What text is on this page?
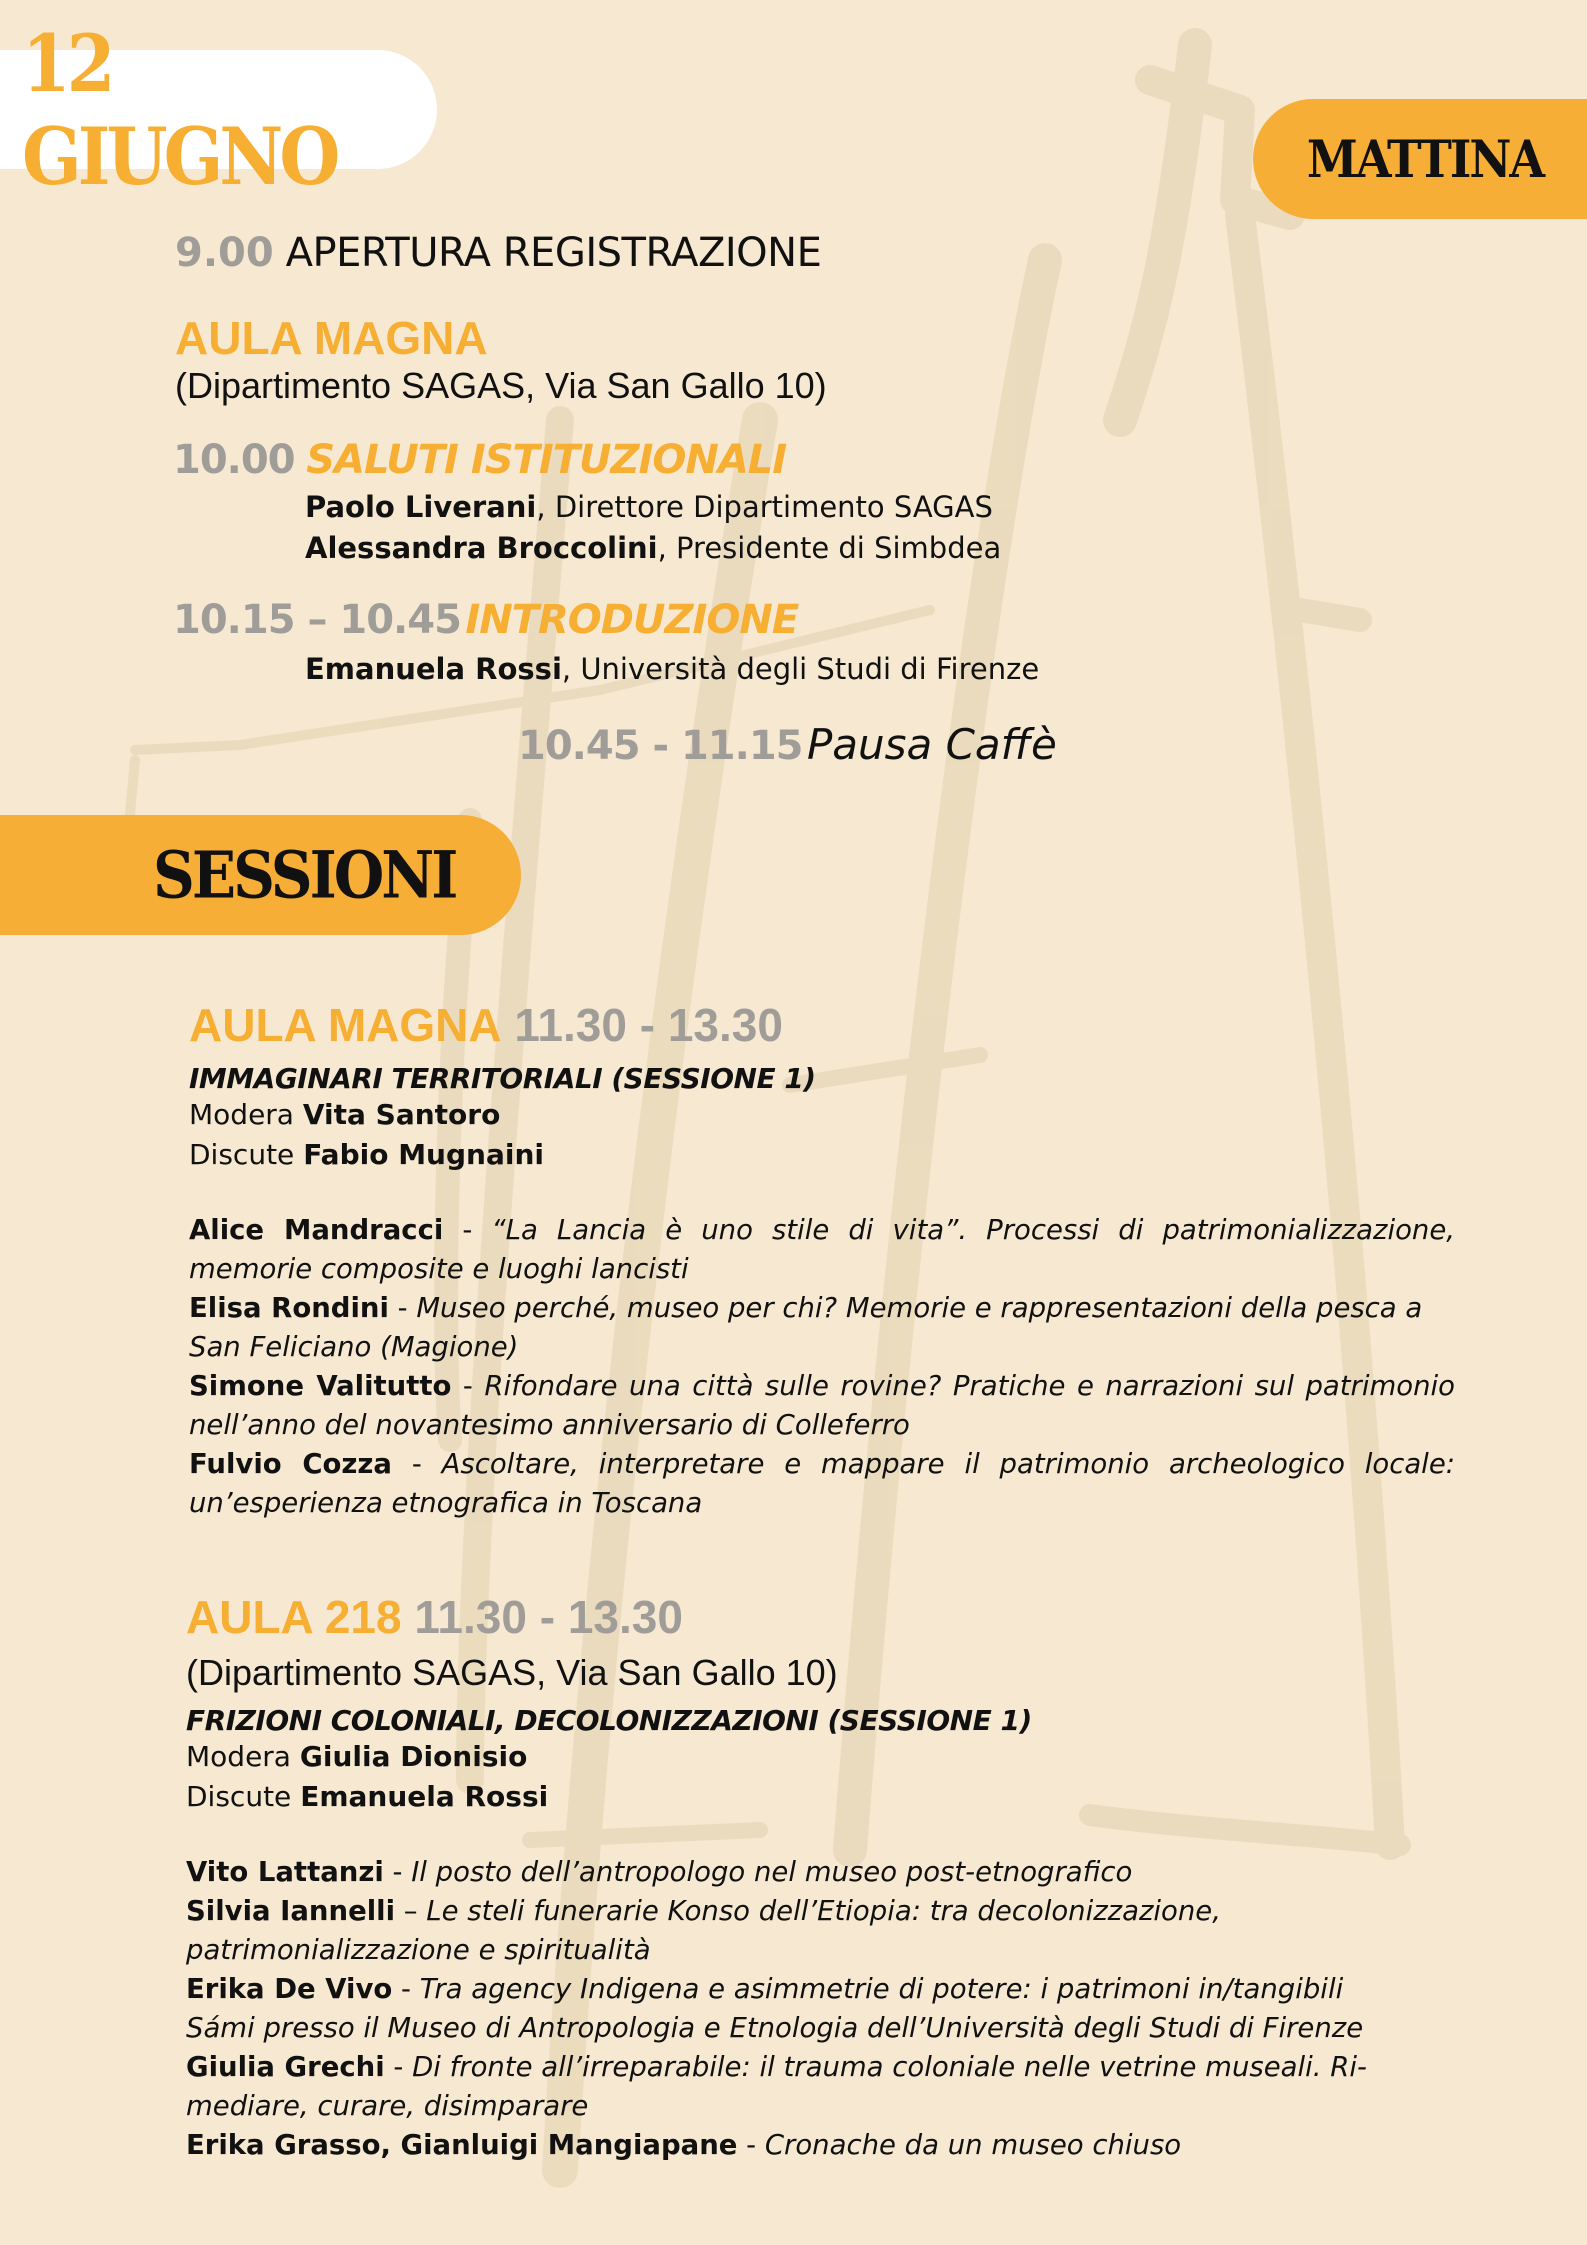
12 GIUGNO	MATTINA
9.00 APERTURA REGISTRAZIONE
AULA MAGNA
(Dipartimento SAGAS, Via San Gallo 10)
10.00 SALUTI ISTITUZIONALI
Paolo Liverani, Direttore Dipartimento SAGAS
Alessandra Broccolini, Presidente di Simbdea
10.15 – 10.45 INTRODUZIONE
Emanuela Rossi, Università degli Studi di Firenze
10.45 - 11.15 Pausa Caffè
SESSIONI
AULA MAGNA 11.30 - 13.30
IMMAGINARI TERRITORIALI (SESSIONE 1)
Modera Vita Santoro
Discute Fabio Mugnaini
Alice Mandracci - “La Lancia è uno stile di vita”. Processi di patrimonializzazione, memorie composite e luoghi lancisti
Elisa Rondini - Museo perché, museo per chi? Memorie e rappresentazioni della pesca a San Feliciano (Magione)
Simone Valitutto - Rifondare una città sulle rovine? Pratiche e narrazioni sul patrimonio nell’anno del novantesimo anniversario di Colleferro
Fulvio Cozza - Ascoltare, interpretare e mappare il patrimonio archeologico locale: un’esperienza etnografica in Toscana
AULA 218 11.30 - 13.30
(Dipartimento SAGAS, Via San Gallo 10)
FRIZIONI COLONIALI, DECOLONIZZAZIONI (SESSIONE 1)
Modera Giulia Dionisio
Discute Emanuela Rossi
Vito Lattanzi - Il posto dell’antropologo nel museo post-etnografico
Silvia Iannelli – Le steli funerarie Konso dell’Etiopia: tra decolonizzazione, patrimonializzazione e spiritualità
Erika De Vivo - Tra agency Indigena e asimmetrie di potere: i patrimoni in/tangibili Sámi presso il Museo di Antropologia e Etnologia dell’Università degli Studi di Firenze
Giulia Grechi - Di fronte all’irreparabile: il trauma coloniale nelle vetrine museali. Ri-mediare, curare, disimparare
Erika Grasso, Gianluigi Mangiapane - Cronache da un museo chiuso
